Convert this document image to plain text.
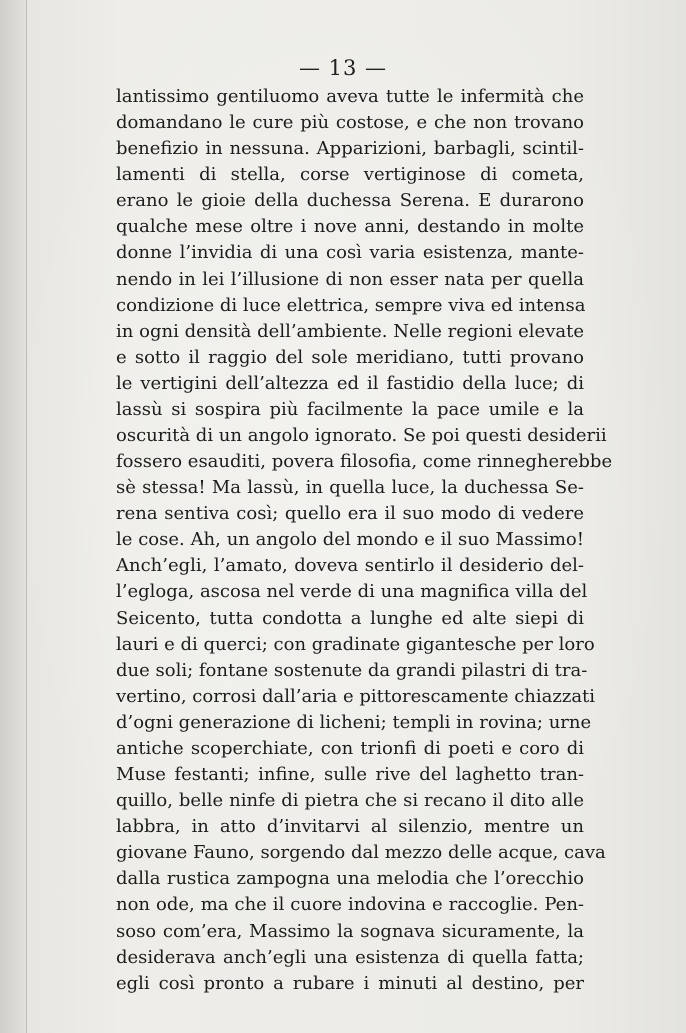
— 13 —
lantissimo gentiluomo aveva tutte le infermità che
domandano le cure più costose, e che non trovano
benefizio in nessuna. Apparizioni, barbagli, scintil-
lamenti di stella, corse vertiginose di cometa,
erano le gioie della duchessa Serena. E durarono
qualche mese oltre i nove anni, destando in molte
donne l’invidia di una così varia esistenza, mante-
nendo in lei l’illusione di non esser nata per quella
condizione di luce elettrica, sempre viva ed intensa
in ogni densità dell’ambiente. Nelle regioni elevate
e sotto il raggio del sole meridiano, tutti provano
le vertigini dell’altezza ed il fastidio della luce; di
lassù si sospira più facilmente la pace umile e la
oscurità di un angolo ignorato. Se poi questi desiderii
fossero esauditi, povera filosofia, come rinnegherebbe
sè stessa! Ma lassù, in quella luce, la duchessa Se-
rena sentiva così; quello era il suo modo di vedere
le cose. Ah, un angolo del mondo e il suo Massimo!
Anch’egli, l’amato, doveva sentirlo il desiderio del-
l’egloga, ascosa nel verde di una magnifica villa del
Seicento, tutta condotta a lunghe ed alte siepi di
lauri e di querci; con gradinate gigantesche per loro
due soli; fontane sostenute da grandi pilastri di tra-
vertino, corrosi dall’aria e pittorescamente chiazzati
d’ogni generazione di licheni; templi in rovina; urne
antiche scoperchiate, con trionfi di poeti e coro di
Muse festanti; infine, sulle rive del laghetto tran-
quillo, belle ninfe di pietra che si recano il dito alle
labbra, in atto d’invitarvi al silenzio, mentre un
giovane Fauno, sorgendo dal mezzo delle acque, cava
dalla rustica zampogna una melodia che l’orecchio
non ode, ma che il cuore indovina e raccoglie. Pen-
soso com’era, Massimo la sognava sicuramente, la
desiderava anch’egli una esistenza di quella fatta;
egli così pronto a rubare i minuti al destino, per
